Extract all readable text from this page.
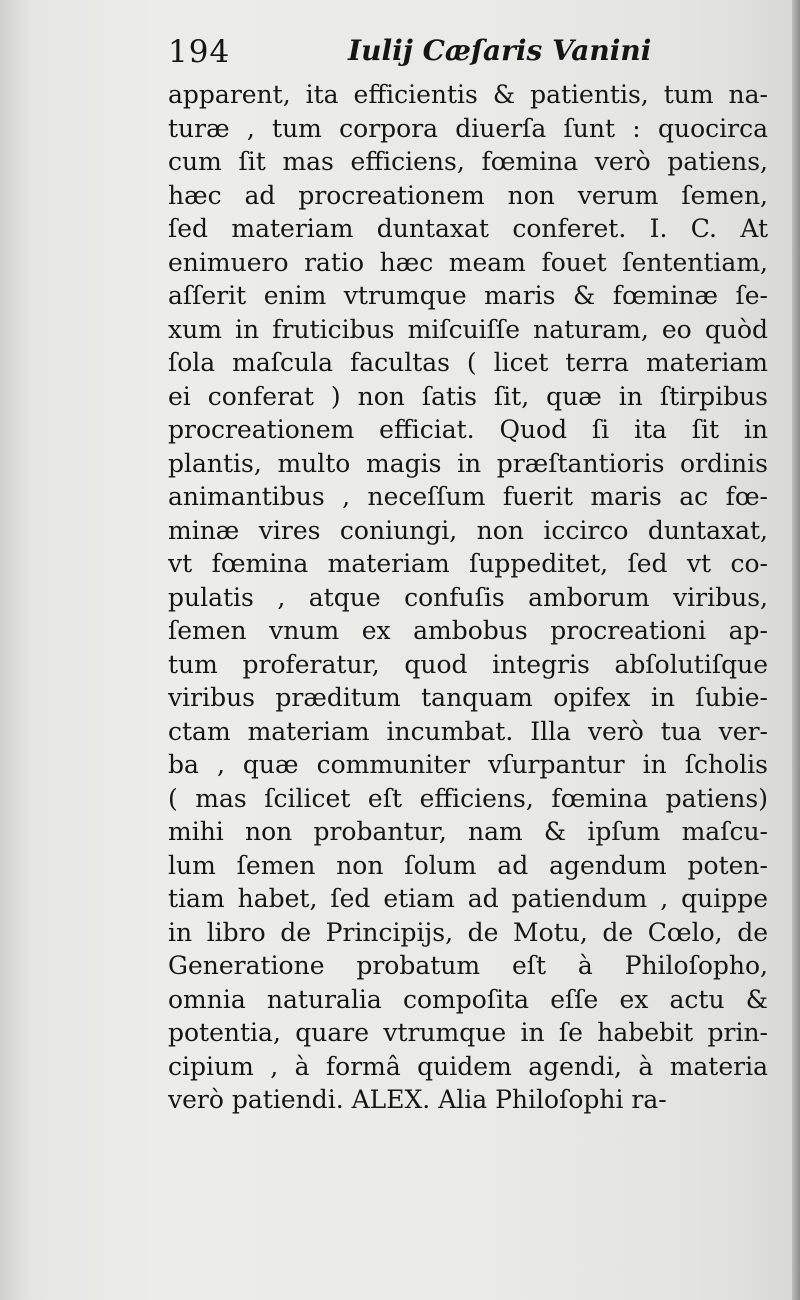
194	Iulij Cæſaris Vanini
apparent, ita efficientis & patientis, tum na-
turæ , tum corpora diuerſa ſunt : quocirca
cum ſit mas efficiens, fœmina verò patiens,
hæc ad procreationem non verum ſemen,
ſed materiam duntaxat conferet. I. C. At
enimuero ratio hæc meam fouet ſententiam,
aſſerit enim vtrumque maris & fœminæ ſe-
xum in fruticibus miſcuiſſe naturam, eo quòd
ſola maſcula facultas ( licet terra materiam
ei conferat ) non ſatis ſit, quæ in ſtirpibus
procreationem efficiat. Quod ſi ita ſit in
plantis, multo magis in præſtantioris ordinis
animantibus , neceſſum fuerit maris ac fœ-
minæ vires coniungi, non iccirco duntaxat,
vt fœmina materiam ſuppeditet, ſed vt co-
pulatis , atque confuſis amborum viribus,
ſemen vnum ex ambobus procreationi ap-
tum proferatur, quod integris abſolutiſque
viribus præditum tanquam opifex in ſubie-
ctam materiam incumbat. Illa verò tua ver-
ba , quæ communiter vſurpantur in ſcholis
( mas ſcilicet eſt efficiens, fœmina patiens)
mihi non probantur, nam & ipſum maſcu-
lum ſemen non ſolum ad agendum poten-
tiam habet, ſed etiam ad patiendum , quippe
in libro de Principijs, de Motu, de Cœlo, de
Generatione probatum eſt à Philoſopho,
omnia naturalia compoſita eſſe ex actu &
potentia, quare vtrumque in ſe habebit prin-
cipium , à formâ quidem agendi, à materia
verò patiendi. ALEX. Alia Philoſophi ra-
